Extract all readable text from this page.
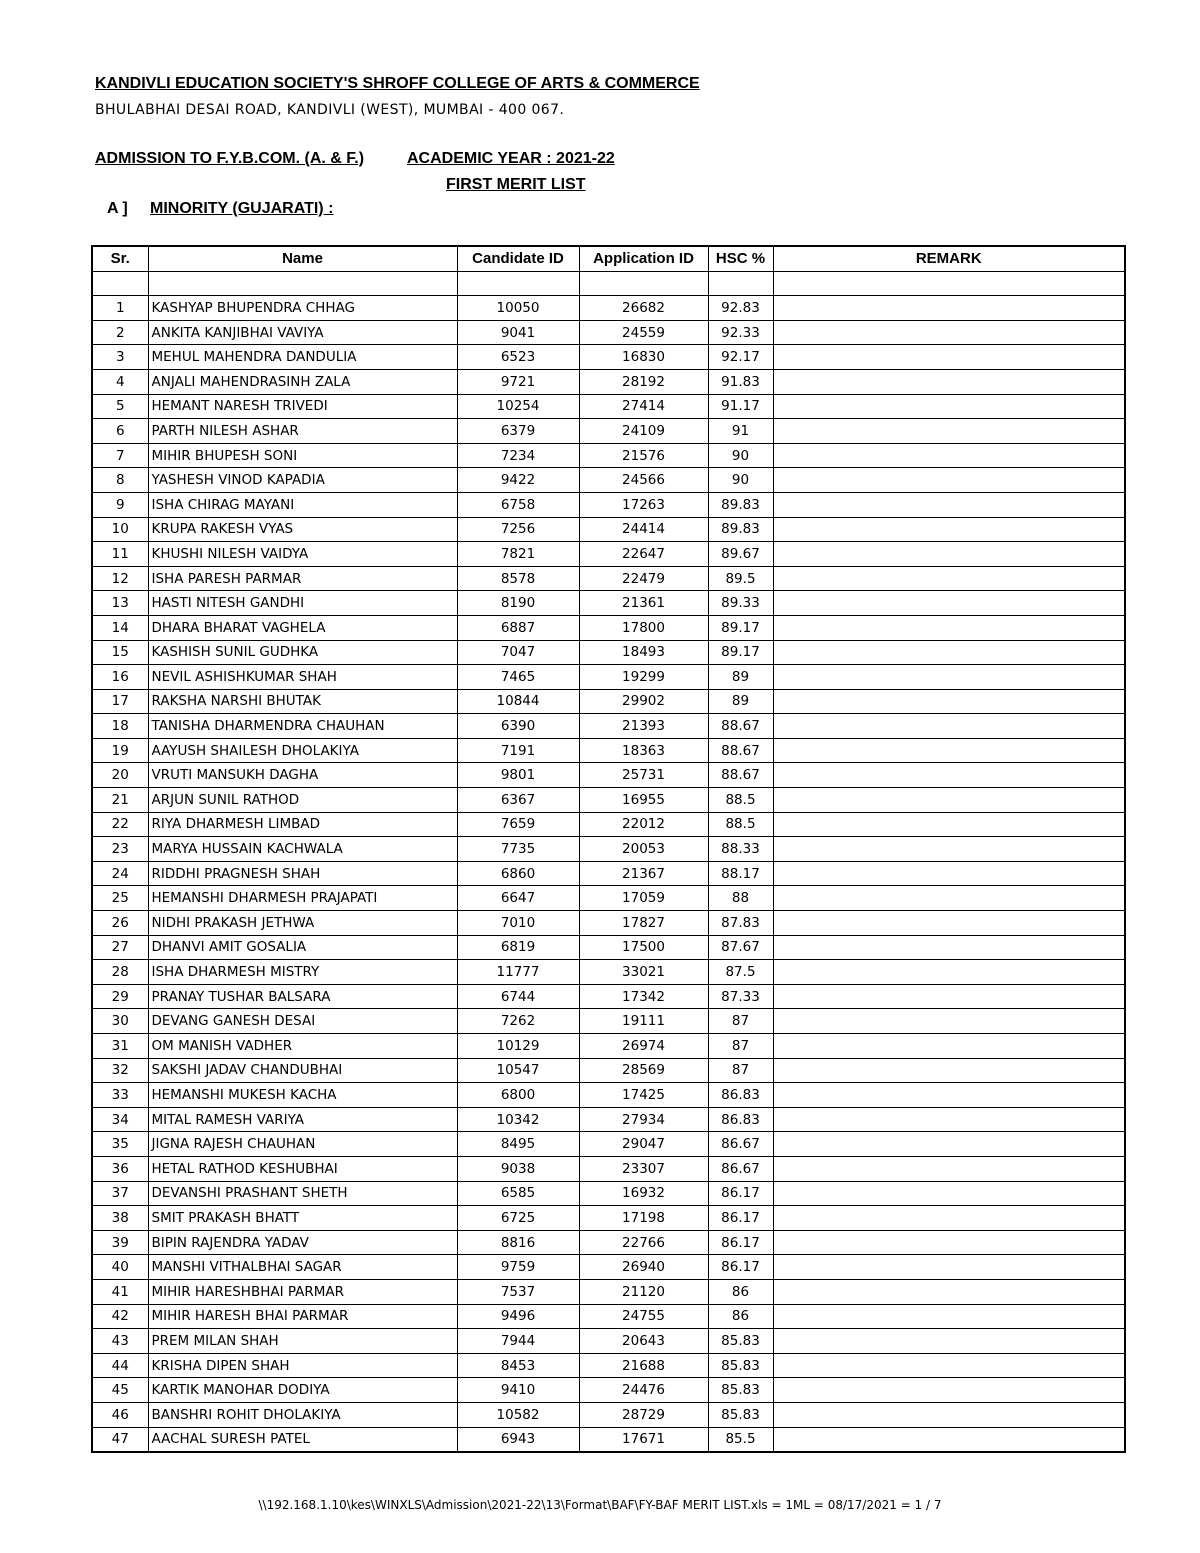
KANDIVLI EDUCATION SOCIETY'S SHROFF COLLEGE OF ARTS & COMMERCE
BHULABHAI DESAI ROAD, KANDIVLI (WEST), MUMBAI - 400 067.
ADMISSION TO F.Y.B.COM. (A. & F.)	ACADEMIC YEAR : 2021-22
FIRST MERIT LIST
A ] MINORITY (GUJARATI) :
Sr.	Name	Candidate ID	Application ID	HSC %	REMARK

1	KASHYAP BHUPENDRA CHHAG	10050	26682	92.83	
2	ANKITA KANJIBHAI VAVIYA	9041	24559	92.33	
3	MEHUL MAHENDRA DANDULIA	6523	16830	92.17	
4	ANJALI MAHENDRASINH ZALA	9721	28192	91.83	
5	HEMANT NARESH TRIVEDI	10254	27414	91.17	
6	PARTH NILESH ASHAR	6379	24109	91	
7	MIHIR BHUPESH SONI	7234	21576	90	
8	YASHESH VINOD KAPADIA	9422	24566	90	
9	ISHA CHIRAG MAYANI	6758	17263	89.83	
10	KRUPA RAKESH VYAS	7256	24414	89.83	
11	KHUSHI NILESH VAIDYA	7821	22647	89.67	
12	ISHA PARESH PARMAR	8578	22479	89.5	
13	HASTI NITESH GANDHI	8190	21361	89.33	
14	DHARA BHARAT VAGHELA	6887	17800	89.17	
15	KASHISH SUNIL GUDHKA	7047	18493	89.17	
16	NEVIL ASHISHKUMAR SHAH	7465	19299	89	
17	RAKSHA NARSHI BHUTAK	10844	29902	89	
18	TANISHA DHARMENDRA CHAUHAN	6390	21393	88.67	
19	AAYUSH SHAILESH DHOLAKIYA	7191	18363	88.67	
20	VRUTI MANSUKH DAGHA	9801	25731	88.67	
21	ARJUN SUNIL RATHOD	6367	16955	88.5	
22	RIYA DHARMESH LIMBAD	7659	22012	88.5	
23	MARYA HUSSAIN KACHWALA	7735	20053	88.33	
24	RIDDHI PRAGNESH SHAH	6860	21367	88.17	
25	HEMANSHI DHARMESH PRAJAPATI	6647	17059	88	
26	NIDHI PRAKASH JETHWA	7010	17827	87.83	
27	DHANVI AMIT GOSALIA	6819	17500	87.67	
28	ISHA DHARMESH MISTRY	11777	33021	87.5	
29	PRANAY TUSHAR BALSARA	6744	17342	87.33	
30	DEVANG GANESH DESAI	7262	19111	87	
31	OM MANISH VADHER	10129	26974	87	
32	SAKSHI JADAV CHANDUBHAI	10547	28569	87	
33	HEMANSHI MUKESH KACHA	6800	17425	86.83	
34	MITAL RAMESH VARIYA	10342	27934	86.83	
35	JIGNA RAJESH CHAUHAN	8495	29047	86.67	
36	HETAL RATHOD KESHUBHAI	9038	23307	86.67	
37	DEVANSHI PRASHANT SHETH	6585	16932	86.17	
38	SMIT PRAKASH BHATT	6725	17198	86.17	
39	BIPIN RAJENDRA YADAV	8816	22766	86.17	
40	MANSHI VITHALBHAI SAGAR	9759	26940	86.17	
41	MIHIR HARESHBHAI PARMAR	7537	21120	86	
42	MIHIR HARESH BHAI PARMAR	9496	24755	86	
43	PREM MILAN SHAH	7944	20643	85.83	
44	KRISHA DIPEN SHAH	8453	21688	85.83	
45	KARTIK MANOHAR DODIYA	9410	24476	85.83	
46	BANSHRI ROHIT DHOLAKIYA	10582	28729	85.83	
47	AACHAL SURESH PATEL	6943	17671	85.5	
\\192.168.1.10\kes\WINXLS\Admission\2021-22\13\Format\BAF\FY-BAF MERIT LIST.xls = 1ML = 08/17/2021 = 1 / 7
